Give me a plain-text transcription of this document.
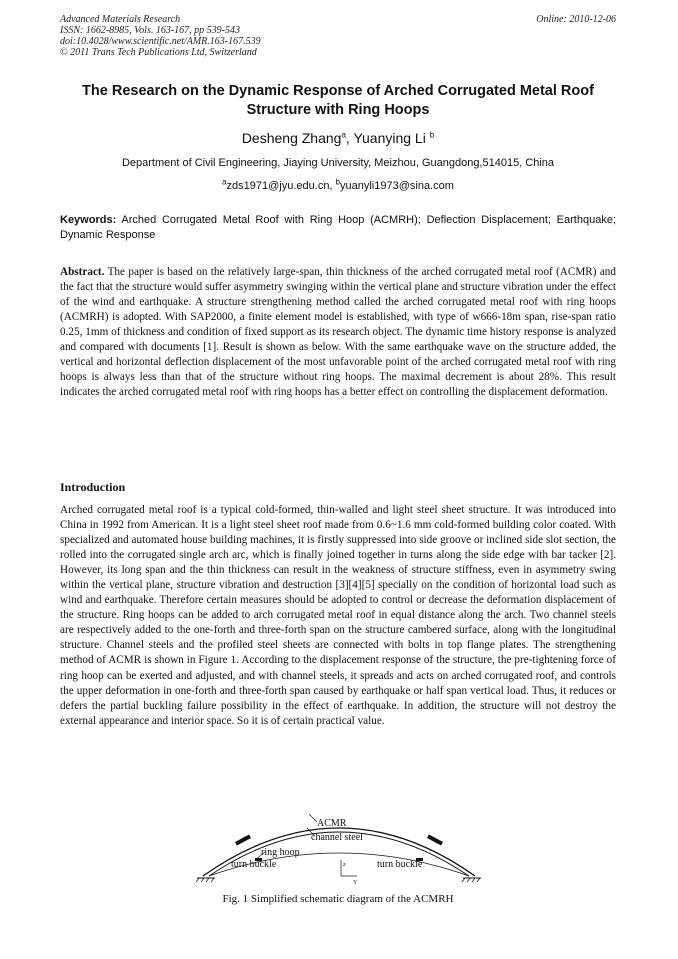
Advanced Materials Research
ISSN: 1662-8985, Vols. 163-167, pp 539-543
doi:10.4028/www.scientific.net/AMR.163-167.539
© 2011 Trans Tech Publications Ltd, Switzerland
Online: 2010-12-06
The Research on the Dynamic Response of Arched Corrugated Metal Roof Structure with Ring Hoops
Desheng Zhang$^a$, Yuanying Li $^b$
Department of Civil Engineering, Jiaying University, Meizhou, Guangdong,514015, China
$^a$zds1971@jyu.edu.cn, $^b$yuanyli1973@sina.com
Keywords: Arched Corrugated Metal Roof with Ring Hoop (ACMRH); Deflection Displacement; Earthquake; Dynamic Response
Abstract. The paper is based on the relatively large-span, thin thickness of the arched corrugated metal roof (ACMR) and the fact that the structure would suffer asymmetry swinging within the vertical plane and structure vibration under the effect of the wind and earthquake. A structure strengthening method called the arched corrugated metal roof with ring hoops (ACMRH) is adopted. With SAP2000, a finite element model is established, with type of w666-18m span, rise-span ratio 0.25, 1mm of thickness and condition of fixed support as its research object. The dynamic time history response is analyzed and compared with documents [1]. Result is shown as below. With the same earthquake wave on the structure added, the vertical and horizontal deflection displacement of the most unfavorable point of the arched corrugated metal roof with ring hoops is always less than that of the structure without ring hoops. The maximal decrement is about 28%. This result indicates the arched corrugated metal roof with ring hoops has a better effect on controlling the displacement deformation.
Introduction
Arched corrugated metal roof is a typical cold-formed, thin-walled and light steel sheet structure. It was introduced into China in 1992 from American. It is a light steel sheet roof made from 0.6~1.6 mm cold-formed building color coated. With specialized and automated house building machines, it is firstly suppressed into side groove or inclined side slot section, the rolled into the corrugated single arch arc, which is finally joined together in turns along the side edge with bar tacker [2]. However, its long span and the thin thickness can result in the weakness of structure stiffness, even in asymmetry swing within the vertical plane, structure vibration and destruction [3][4][5] specially on the condition of horizontal load such as wind and earthquake. Therefore certain measures should be adopted to control or decrease the deformation displacement of the structure. Ring hoops can be added to arch corrugated metal roof in equal distance along the arch. Two channel steels are respectively added to the one-forth and three-forth span on the structure cambered surface, along with the longitudinal structure. Channel steels and the profiled steel sheets are connected with bolts in top flange plates. The strengthening method of ACMR is shown in Figure 1. According to the displacement response of the structure, the pre-tightening force of ring hoop can be exerted and adjusted, and with channel steels, it spreads and acts on arched corrugated roof, and controls the upper deformation in one-forth and three-forth span caused by earthquake or half span vertical load. Thus, it reduces or defers the partial buckling failure possibility in the effect of earthquake. In addition, the structure will not destroy the external appearance and interior space. So it is of certain practical value.
ACMR
channel steel
ring hoop
turn buckle	turn buckle
z
Y
Fig. 1 Simplified schematic diagram of the ACMRH
